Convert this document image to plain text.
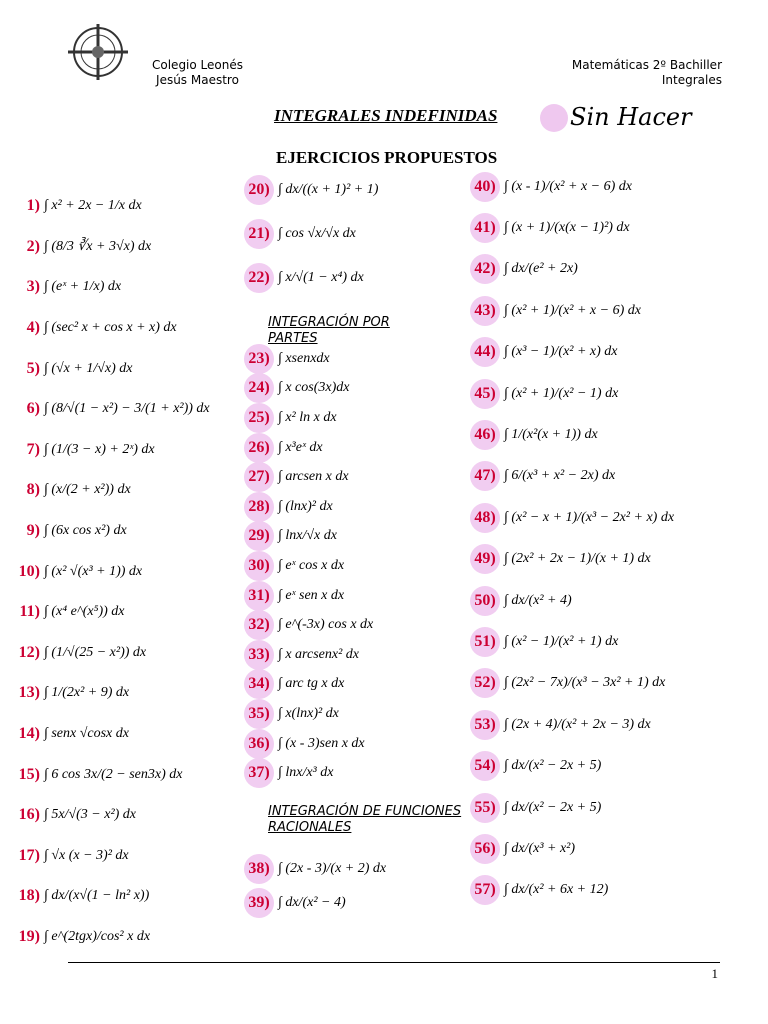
Colegio Leonés
Jesús Maestro
Matemáticas 2º Bachiller
Integrales
INTEGRALES INDEFINIDAS	Sin Hacer
EJERCICIOS PROPUESTOS
1) ∫ x² + 2x − 1/x dx
2) ∫ (8/3 ∛x + 3√x) dx
3) ∫ (eˣ + 1/x) dx
4) ∫ (sec² x + cos x + x) dx
5) ∫ (√x + 1/√x) dx
6) ∫ (8/√(1 − x²) − 3/(1 + x²)) dx
7) ∫ (1/(3 − x) + 2ˣ) dx
8) ∫ (x/(2 + x²)) dx
9) ∫ (6x cos x²) dx
10) ∫ (x² √(x³ + 1)) dx
11) ∫ (x⁴ e^(x⁵)) dx
12) ∫ (1/√(25 − x²)) dx
13) ∫ 1/(2x² + 9) dx
14) ∫ senx √cosx dx
15) ∫ 6 cos 3x/(2 − sen3x) dx
16) ∫ 5x/√(3 − x²) dx
17) ∫ √x (x − 3)² dx
18) ∫ dx/(x√(1 − ln² x))
19) ∫ e^(2tgx)/cos² x dx
20) ∫ dx/((x + 1)² + 1)
21) ∫ cos √x/√x dx
22) ∫ x/√(1 − x⁴) dx
INTEGRACIÓN POR PARTES
23) ∫ xsenxdx
24) ∫ x cos(3x)dx
25) ∫ x² ln x dx
26) ∫ x³eˣ dx
27) ∫ arcsen x dx
28) ∫ (lnx)² dx
29) ∫ lnx/√x dx
30) ∫ eˣ cos x dx
31) ∫ eˣ sen x dx
32) ∫ e^(-3x) cos x dx
33) ∫ x arcsenx² dx
34) ∫ arc tg x dx
35) ∫ x(lnx)² dx
36) ∫ (x - 3)sen x dx
37) ∫ lnx/x³ dx
INTEGRACIÓN DE FUNCIONES RACIONALES
38) ∫ (2x - 3)/(x + 2) dx
39) ∫ dx/(x² − 4)
40) ∫ (x - 1)/(x² + x − 6) dx
41) ∫ (x + 1)/(x(x − 1)²) dx
42) ∫ dx/(e² + 2x)
43) ∫ (x² + 1)/(x² + x − 6) dx
44) ∫ (x³ − 1)/(x² + x) dx
45) ∫ (x² + 1)/(x² − 1) dx
46) ∫ 1/(x²(x + 1)) dx
47) ∫ 6/(x³ + x² − 2x) dx
48) ∫ (x² − x + 1)/(x³ − 2x² + x) dx
49) ∫ (2x² + 2x − 1)/(x + 1) dx
50) ∫ dx/(x² + 4)
51) ∫ (x² − 1)/(x² + 1) dx
52) ∫ (2x² − 7x)/(x³ − 3x² + 1) dx
53) ∫ (2x + 4)/(x² + 2x − 3) dx
54) ∫ dx/(x² − 2x + 5)
55) ∫ dx/(x² − 2x + 5)
56) ∫ dx/(x³ + x²)
57) ∫ dx/(x² + 6x + 12)
1
